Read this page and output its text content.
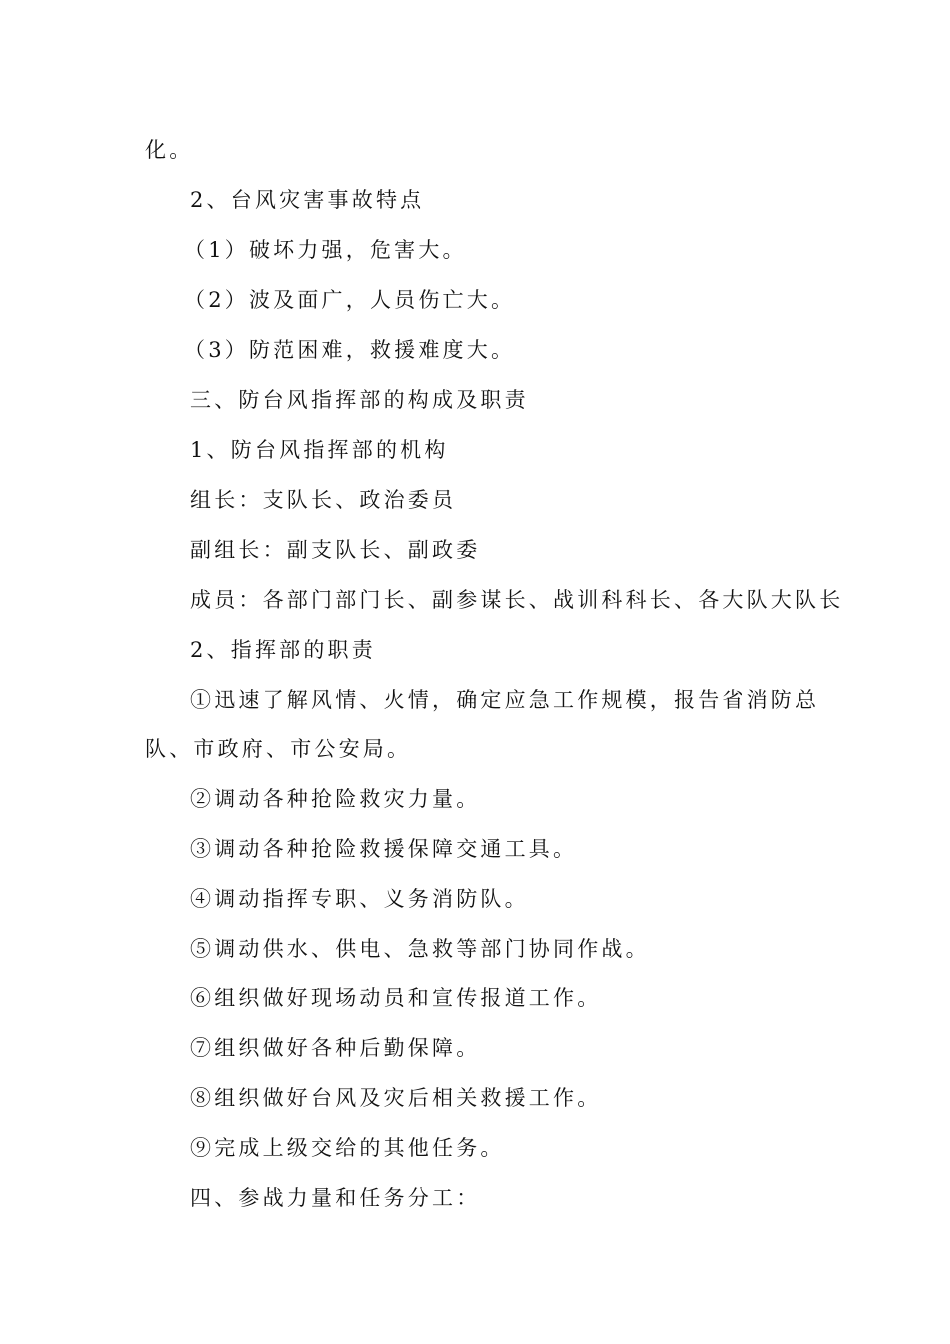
化。
2、台风灾害事故特点
（1）破坏力强，危害大。
（2）波及面广，人员伤亡大。
（3）防范困难，救援难度大。
三、防台风指挥部的构成及职责
1、防台风指挥部的机构
组长：支队长、政治委员
副组长：副支队长、副政委
成员：各部门部门长、副参谋长、战训科科长、各大队大队长
2、指挥部的职责
①迅速了解风情、火情，确定应急工作规模，报告省消防总
队、市政府、市公安局。
②调动各种抢险救灾力量。
③调动各种抢险救援保障交通工具。
④调动指挥专职、义务消防队。
⑤调动供水、供电、急救等部门协同作战。
⑥组织做好现场动员和宣传报道工作。
⑦组织做好各种后勤保障。
⑧组织做好台风及灾后相关救援工作。
⑨完成上级交给的其他任务。
四、参战力量和任务分工：
